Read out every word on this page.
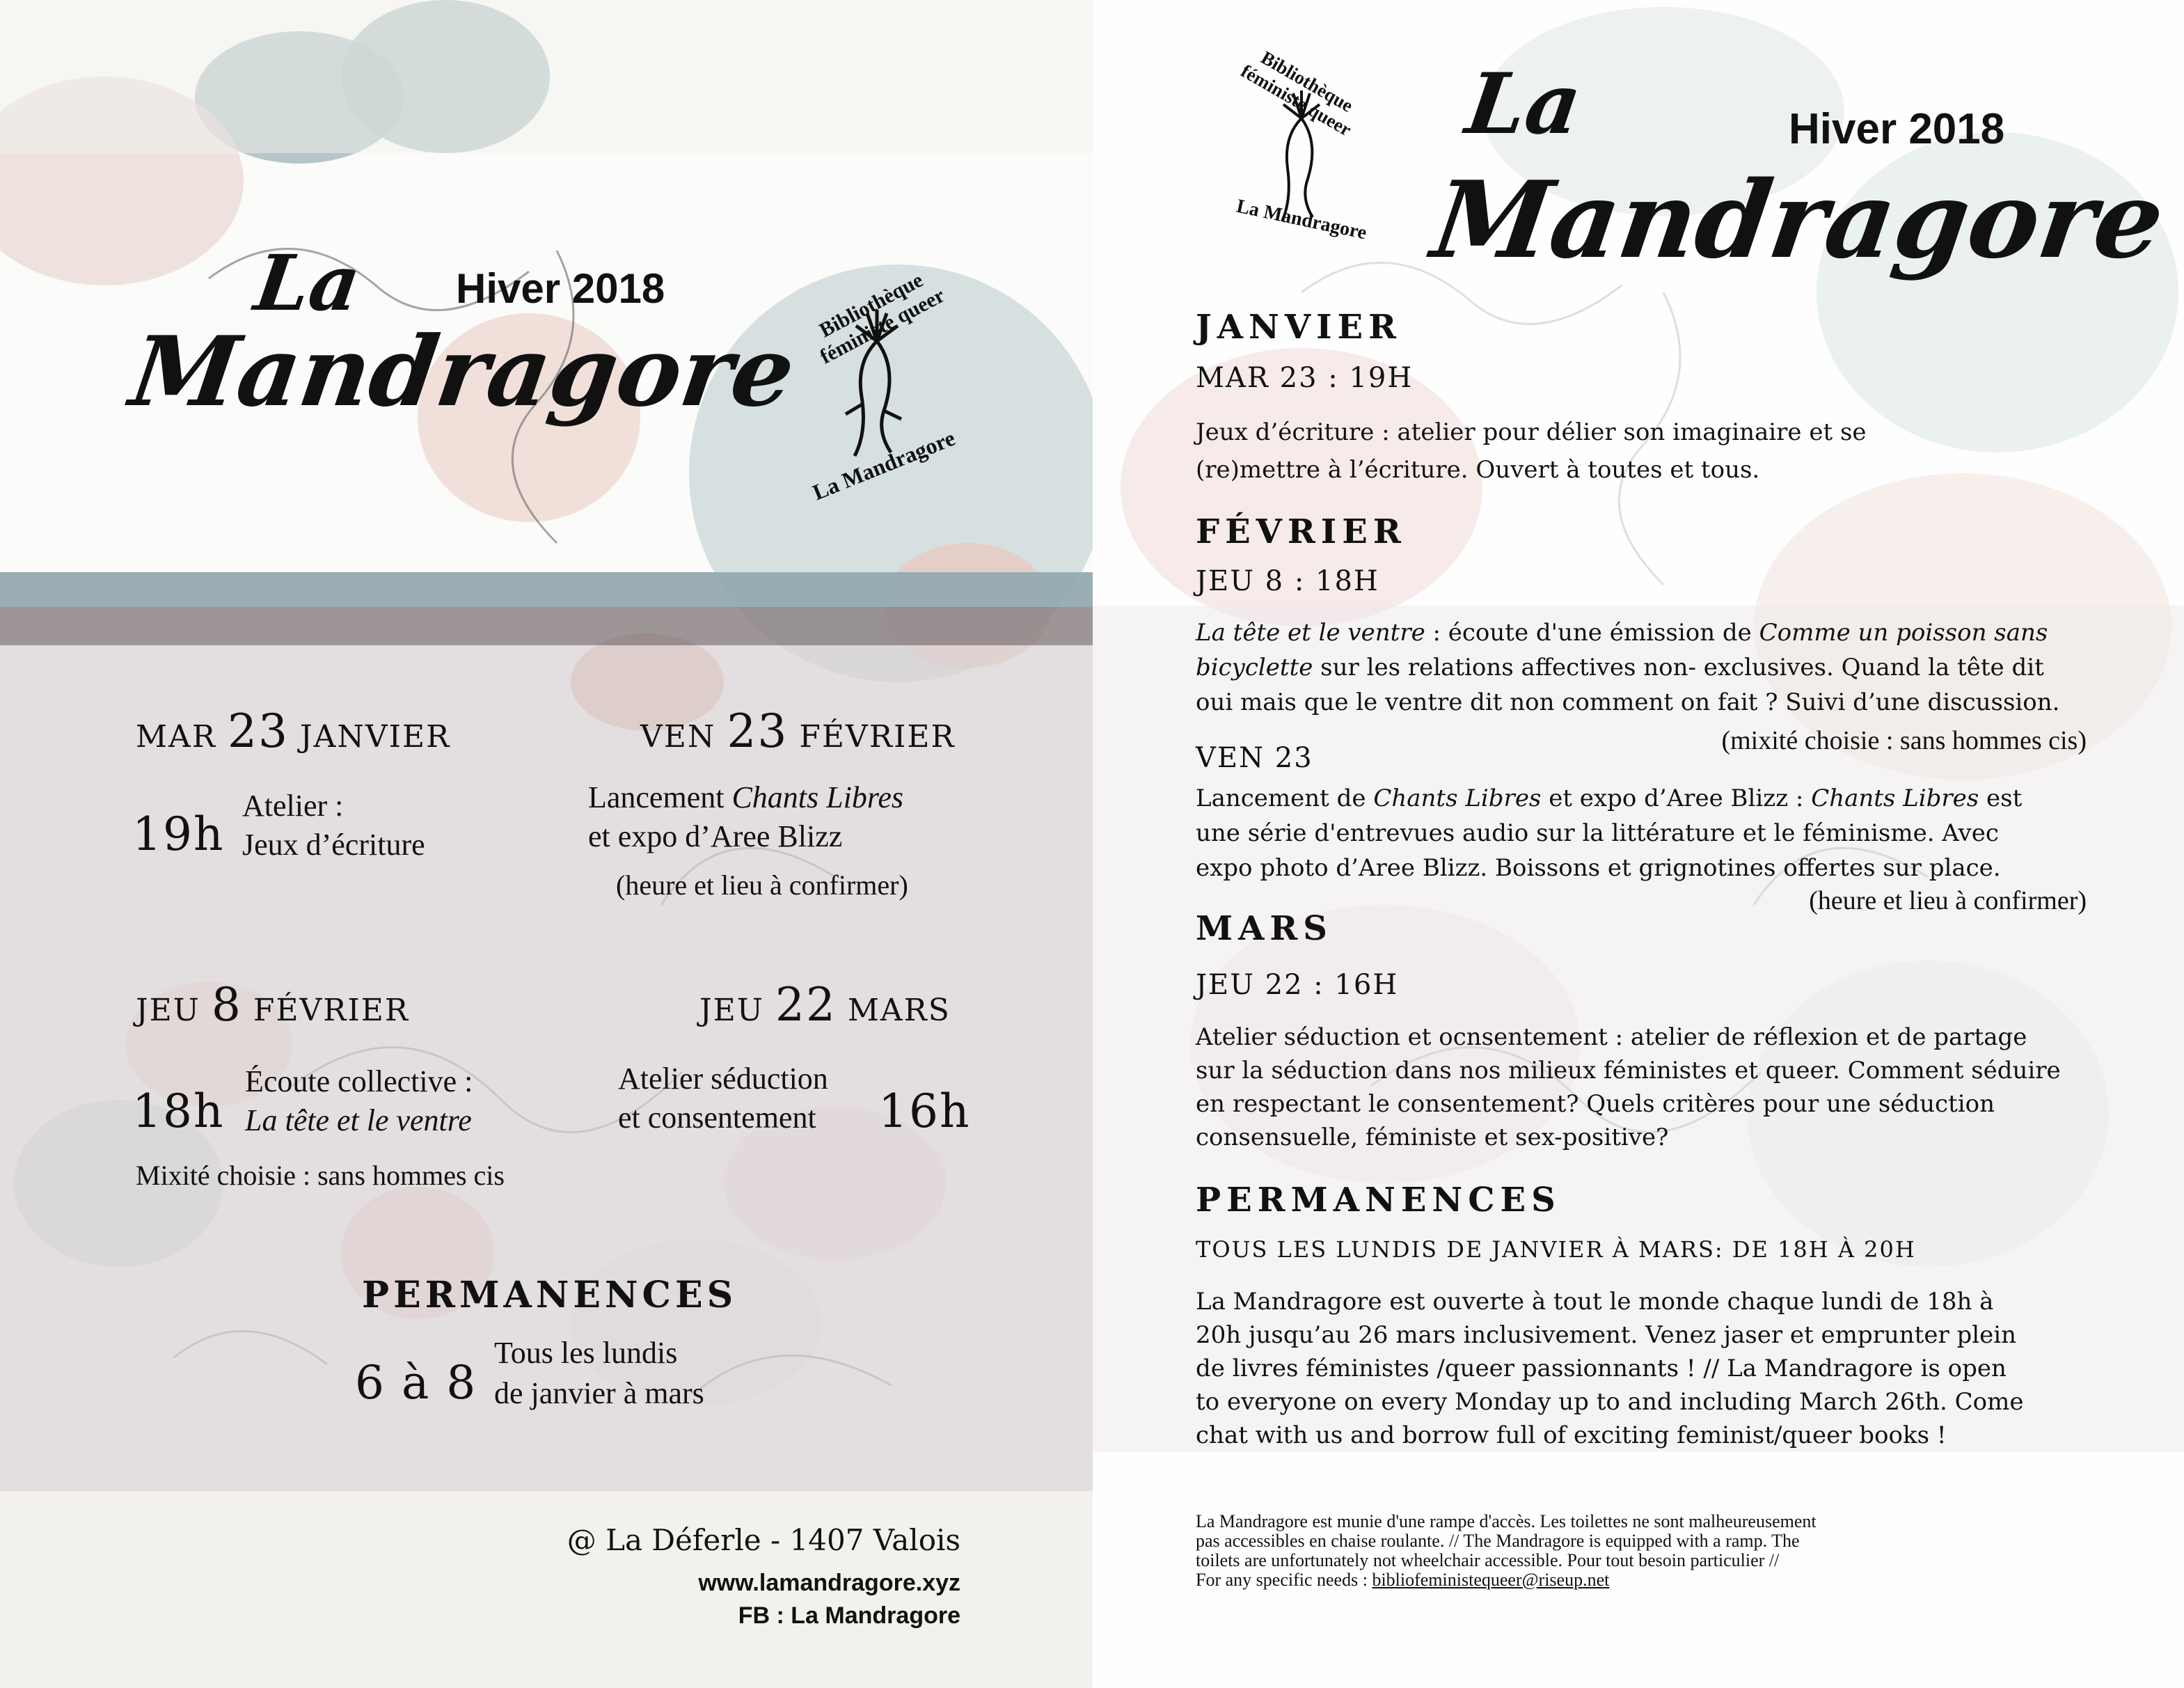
La
Mandragore
Hiver 2018	Bibliothèque féministe queer
La Mandragore
MAR 23 JANVIER
19h
Atelier :
Jeux d’écriture
VEN 23 FÉVRIER
Lancement Chants Libres
et expo d’Aree Blizz
(heure et lieu à confirmer)
JEU 8 FÉVRIER
18h
Écoute collective :
La tête et le ventre
Mixité choisie : sans hommes cis
JEU 22 MARS
Atelier séduction
et consentement 16h
PERMANENCES
6 à 8
Tous les lundis
de janvier à mars
@ La Déferle - 1407 Valois
www.lamandragore.xyz
FB : La Mandragore
Bibliothèque féministe queer
La Mandragore
La
Mandragore
Hiver 2018
JANVIER
MAR 23 : 19H
Jeux d’écriture : atelier pour délier son imaginaire et se
(re)mettre à l’écriture. Ouvert à toutes et tous.
FÉVRIER
JEU 8 : 18H
La tête et le ventre : écoute d'une émission de Comme un poisson sans
bicyclette sur les relations affectives non- exclusives. Quand la tête dit
oui mais que le ventre dit non comment on fait ? Suivi d’une discussion.
(mixité choisie : sans hommes cis)
VEN 23
Lancement de Chants Libres et expo d’Aree Blizz : Chants Libres est
une série d'entrevues audio sur la littérature et le féminisme. Avec
expo photo d’Aree Blizz. Boissons et grignotines offertes sur place.
(heure et lieu à confirmer)
MARS
JEU 22 : 16H
Atelier séduction et ocnsentement : atelier de réflexion et de partage
sur la séduction dans nos milieux féministes et queer. Comment séduire
en respectant le consentement? Quels critères pour une séduction
consensuelle, féministe et sex-positive?
PERMANENCES
TOUS LES LUNDIS DE JANVIER À MARS: DE 18H À 20H
La Mandragore est ouverte à tout le monde chaque lundi de 18h à
20h jusqu’au 26 mars inclusivement. Venez jaser et emprunter plein
de livres féministes /queer passionnants ! // La Mandragore is open
to everyone on every Monday up to and including March 26th. Come
chat with us and borrow full of exciting feminist/queer books !
La Mandragore est munie d'une rampe d'accès. Les toilettes ne sont malheureusement
pas accessibles en chaise roulante. // The Mandragore is equipped with a ramp. The
toilets are unfortunately not wheelchair accessible. Pour tout besoin particulier //
For any specific needs : bibliofeministequeer@riseup.net
